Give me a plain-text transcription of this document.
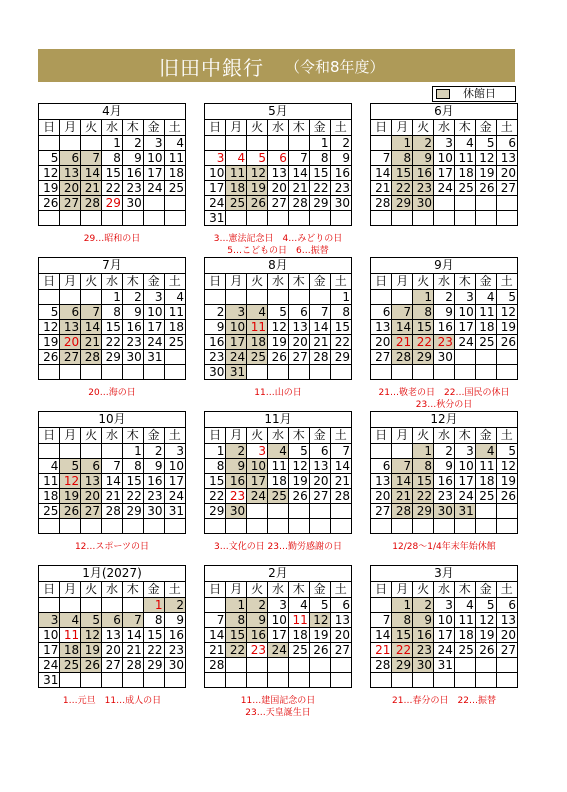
旧田中銀行 （令和8年度）
休館日
4月
日	月	火	水	木	金	土
			1	2	3	4
5	6	7	8	9	10	11
12	13	14	15	16	17	18
19	20	21	22	23	24	25
26	27	28	29	30		

29…昭和の日
5月
日	月	火	水	木	金	土
					1	2
3	4	5	6	7	8	9
10	11	12	13	14	15	16
17	18	19	20	21	22	23
24	25	26	27	28	29	30
31						
3…憲法記念日　4…みどりの日
5…こどもの日　6…振替
6月
日	月	火	水	木	金	土
	1	2	3	4	5	6
7	8	9	10	11	12	13
14	15	16	17	18	19	20
21	22	23	24	25	26	27
28	29	30				

7月
日	月	火	水	木	金	土
			1	2	3	4
5	6	7	8	9	10	11
12	13	14	15	16	17	18
19	20	21	22	23	24	25
26	27	28	29	30	31	

20…海の日
8月
日	月	火	水	木	金	土
						1
2	3	4	5	6	7	8
9	10	11	12	13	14	15
16	17	18	19	20	21	22
23	24	25	26	27	28	29
30	31					
11…山の日
9月
日	月	火	水	木	金	土
		1	2	3	4	5
6	7	8	9	10	11	12
13	14	15	16	17	18	19
20	21	22	23	24	25	26
27	28	29	30			

21…敬老の日　22…国民の休日
23…秋分の日
10月
日	月	火	水	木	金	土
				1	2	3
4	5	6	7	8	9	10
11	12	13	14	15	16	17
18	19	20	21	22	23	24
25	26	27	28	29	30	31

12…スポーツの日
11月
日	月	火	水	木	金	土
1	2	3	4	5	6	7
8	9	10	11	12	13	14
15	16	17	18	19	20	21
22	23	24	25	26	27	28
29	30					

3…文化の日 23…勤労感謝の日
12月
日	月	火	水	木	金	土
		1	2	3	4	5
6	7	8	9	10	11	12
13	14	15	16	17	18	19
20	21	22	23	24	25	26
27	28	29	30	31		

12/28～1/4年末年始休館
1月(2027)
日	月	火	水	木	金	土
					1	2
3	4	5	6	7	8	9
10	11	12	13	14	15	16
17	18	19	20	21	22	23
24	25	26	27	28	29	30
31						
1…元旦　11…成人の日
2月
日	月	火	水	木	金	土
	1	2	3	4	5	6
7	8	9	10	11	12	13
14	15	16	17	18	19	20
21	22	23	24	25	26	27
28						

11…建国記念の日
23…天皇誕生日
3月
日	月	火	水	木	金	土
	1	2	3	4	5	6
7	8	9	10	11	12	13
14	15	16	17	18	19	20
21	22	23	24	25	26	27
28	29	30	31			

21…春分の日　22…振替
